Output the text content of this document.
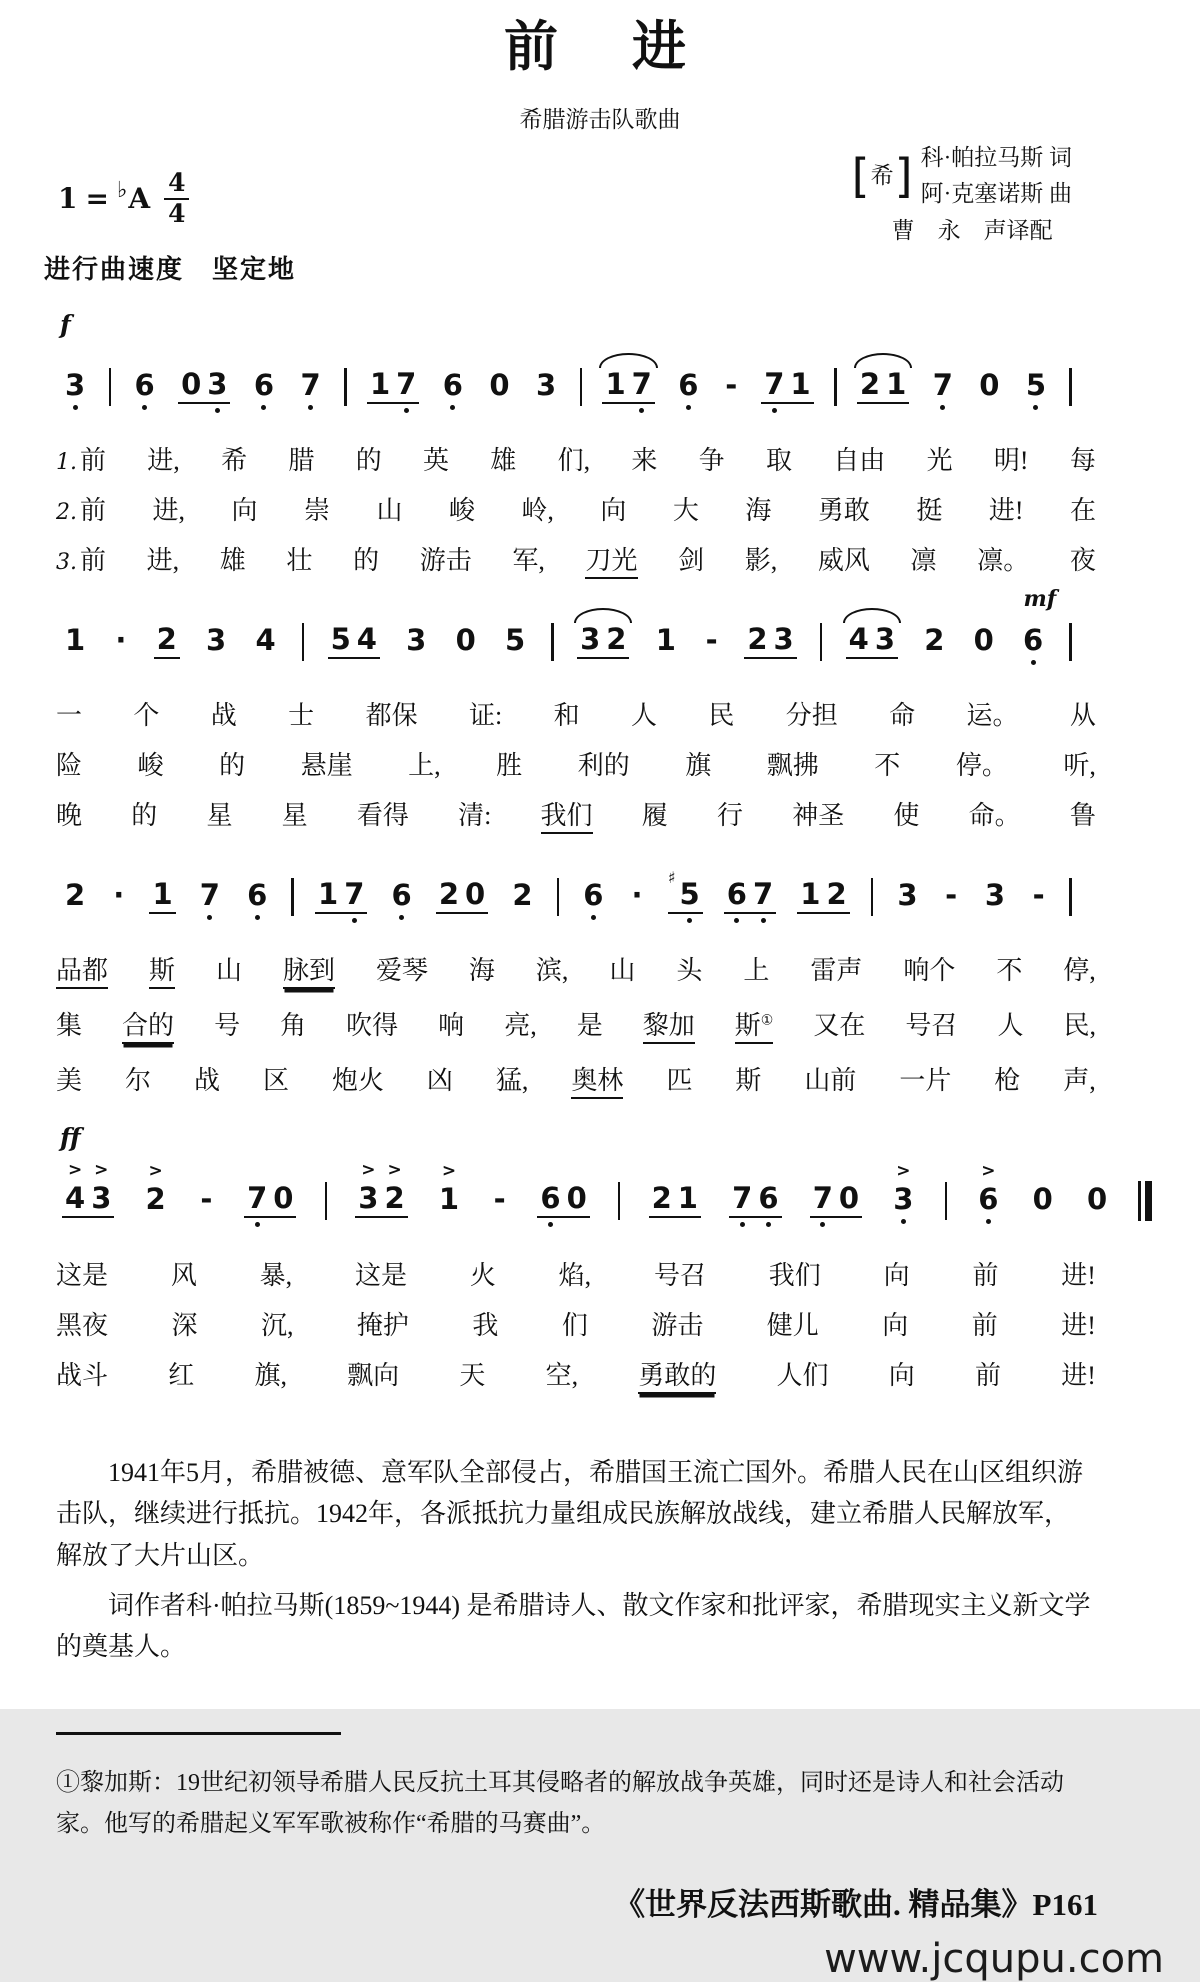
前　进
希腊游击队歌曲
[ 希 ] 科·帕拉马斯 词
阿·克塞诺斯 曲
曹　永　声译配
1 = ♭ A $\frac{4}{4}$
进行曲速度　坚定地
f
3 6 0 3 6 7 1 7 6 0 3 1 7 6 - 7 1 2 1 7 0 5
1. 前 进, 希 腊 的 英 雄 们, 来 争 取 自由 光 明! 每
2. 前 进, 向 崇 山 峻 岭, 向 大 海 勇敢 挺 进! 在
3. 前 进, 雄 壮 的 游击 军, 刀光 剑 影, 威风 凛 凛。 夜
1 · 2 3 4 5 4 3 0 5 3 2 1 - 2 3 4 3 2 0
mf
6
一 个 战 士 都保 证: 和 人 民 分担 命 运。 从
险 峻 的 悬崖 上, 胜 利的 旗 飘拂 不 停。 听,
晚 的 星 星 看得 清: 我们 履 行 神圣 使 命。 鲁
2 · 1 7 6 1 7 6 2 0 2 6 ·
♯ 5 6 7 1 2 3 - 3 -
品都 斯 山 脉到 爱琴 海 滨, 山 头 上 雷声 响个 不 停,
集 合的 号 角 吹得 响 亮, 是 黎加 斯① 又在 号召 人 民,
美 尔 战 区 炮火 凶 猛, 奥林 匹 斯 山前 一片 枪 声,
ff
4
>
3
>
2
>
- 7 0 3
>
2
>
1
>
- 6 0 2 1 7 6 7 0 3
>
6
>
0 0
这是 风 暴, 这是 火 焰, 号召 我们 向 前 进!
黑夜 深 沉, 掩护 我 们 游击 健儿 向 前 进!
战斗 红 旗, 飘向 天 空, 勇敢的 人们 向 前 进!

1941年5月，希腊被德、意军队全部侵占，希腊国王流亡国外。希腊人民在山区组织游击队，继续进行抵抗。1942年，各派抵抗力量组成民族解放战线，建立希腊人民解放军，解放了大片山区。

词作者科·帕拉马斯(1859~1944) 是希腊诗人、散文作家和批评家，希腊现实主义新文学的奠基人。

①黎加斯：19世纪初领导希腊人民反抗土耳其侵略者的解放战争英雄，同时还是诗人和社会活动家。他写的希腊起义军军歌被称作“希腊的马赛曲”。
《世界反法西斯歌曲. 精品集》P161
www.jcqupu.com
